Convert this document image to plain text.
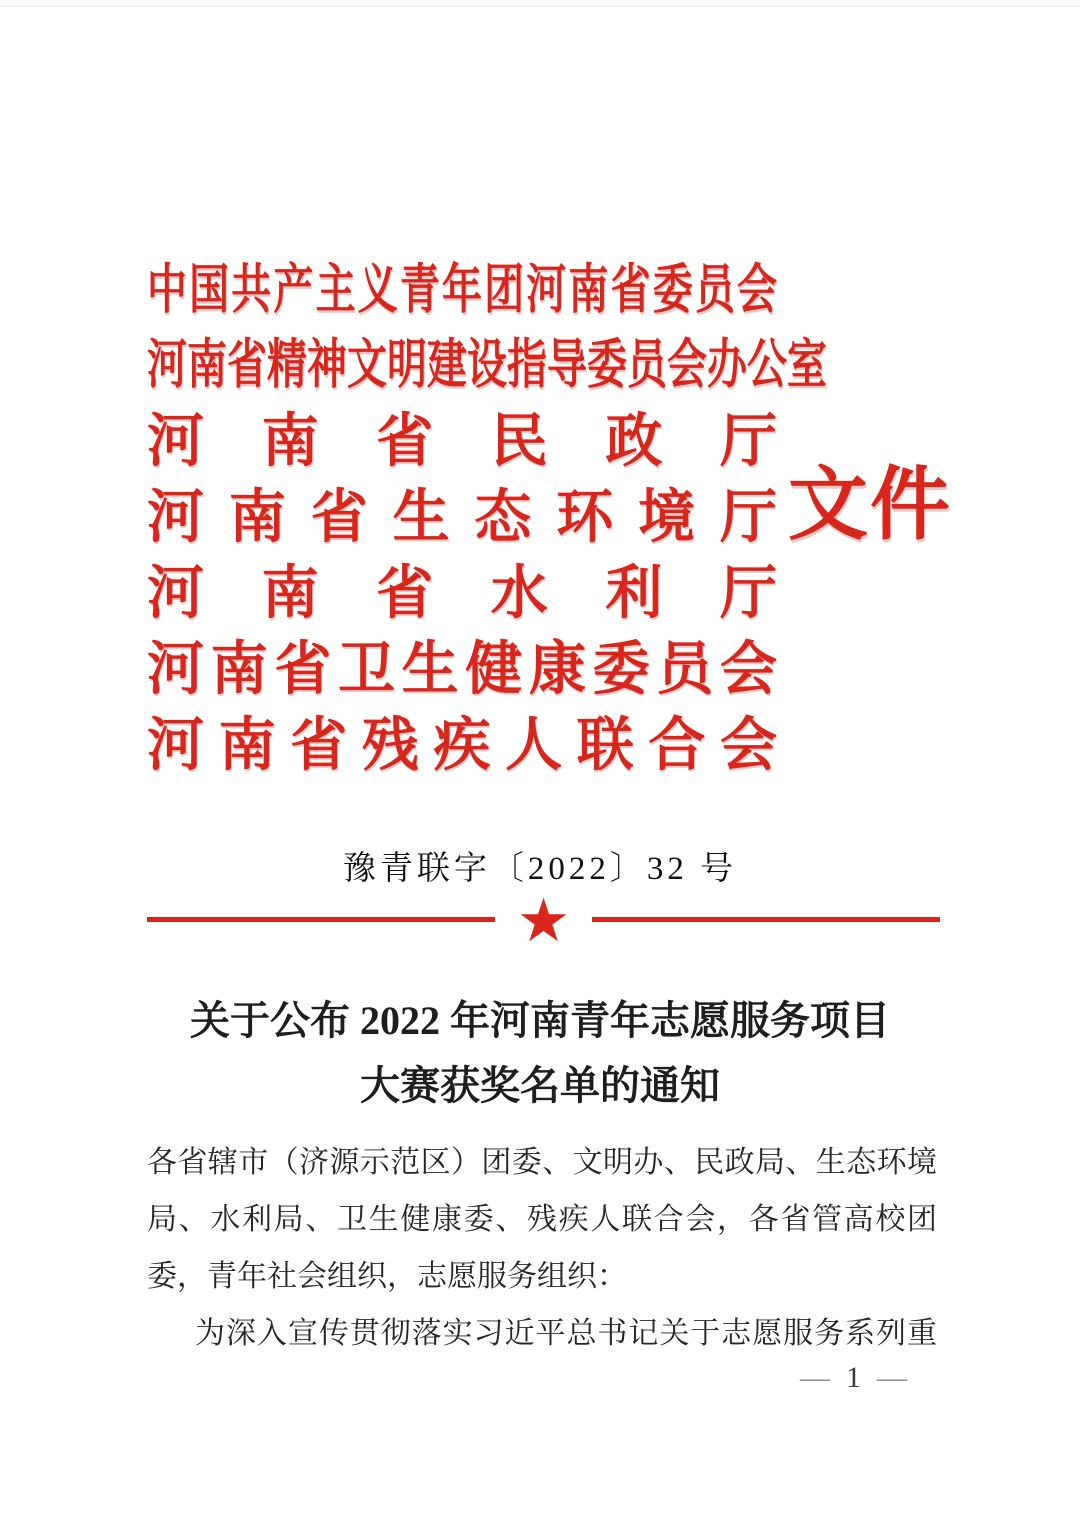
中国共产主义青年团河南省委员会
河南省精神文明建设指导委员会办公室
河南省民政厅
河南省生态环境厅
河南省水利厅
河南省卫生健康委员会
河南省残疾人联合会
文件
豫青联字〔2022〕32 号
★
关于公布 2022 年河南青年志愿服务项目
大赛获奖名单的通知
各省辖市（济源示范区）团委、文明办、民政局、生态环境
局、水利局、卫生健康委、残疾人联合会，各省管高校团
委，青年社会组织，志愿服务组织：
为深入宣传贯彻落实习近平总书记关于志愿服务系列重
— 1 —
